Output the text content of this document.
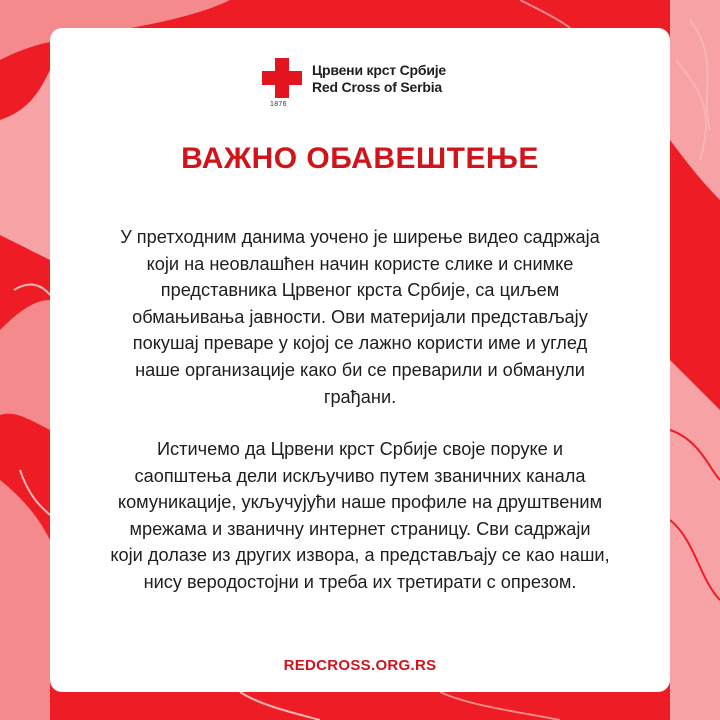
1876
Црвени крст Србије
Red Cross of Serbia
ВАЖНО ОБАВЕШТЕЊЕ
У претходним данима уочено је ширење видео садржаја
који на неовлашћен начин користе слике и снимке
представника Црвеног крста Србије, са циљем
обмањивања јавности. Ови материјали представљају
покушај преваре у којој се лажно користи име и углед
наше организације како би се преварили и обманули
грађани.
Истичемо да Црвени крст Србије своје поруке и
саопштења дели искључиво путем званичних канала
комуникације, укључујући наше профиле на друштвеним
мрежама и званичну интернет страницу. Сви садржаји
који долазе из других извора, а представљају се као наши,
нису веродостојни и треба их третирати с опрезом.
REDCROSS.ORG.RS
